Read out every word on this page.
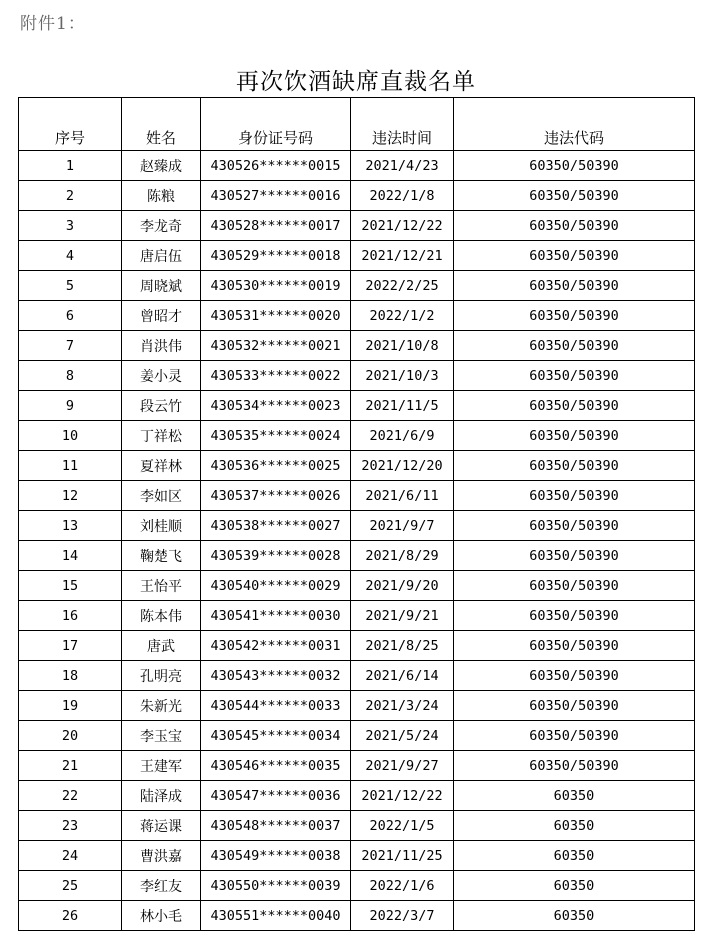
附件1：
再次饮酒缺席直裁名单
序号	姓名	身份证号码	违法时间	违法代码
1	赵臻成	430526******0015	2021/4/23	60350/50390
2	陈粮	430527******0016	2022/1/8	60350/50390
3	李龙奇	430528******0017	2021/12/22	60350/50390
4	唐启伍	430529******0018	2021/12/21	60350/50390
5	周晓斌	430530******0019	2022/2/25	60350/50390
6	曾昭才	430531******0020	2022/1/2	60350/50390
7	肖洪伟	430532******0021	2021/10/8	60350/50390
8	姜小灵	430533******0022	2021/10/3	60350/50390
9	段云竹	430534******0023	2021/11/5	60350/50390
10	丁祥松	430535******0024	2021/6/9	60350/50390
11	夏祥林	430536******0025	2021/12/20	60350/50390
12	李如区	430537******0026	2021/6/11	60350/50390
13	刘桂顺	430538******0027	2021/9/7	60350/50390
14	鞠楚飞	430539******0028	2021/8/29	60350/50390
15	王怡平	430540******0029	2021/9/20	60350/50390
16	陈本伟	430541******0030	2021/9/21	60350/50390
17	唐武	430542******0031	2021/8/25	60350/50390
18	孔明亮	430543******0032	2021/6/14	60350/50390
19	朱新光	430544******0033	2021/3/24	60350/50390
20	李玉宝	430545******0034	2021/5/24	60350/50390
21	王建军	430546******0035	2021/9/27	60350/50390
22	陆泽成	430547******0036	2021/12/22	60350
23	蒋运课	430548******0037	2022/1/5	60350
24	曹洪嘉	430549******0038	2021/11/25	60350
25	李红友	430550******0039	2022/1/6	60350
26	林小毛	430551******0040	2022/3/7	60350
